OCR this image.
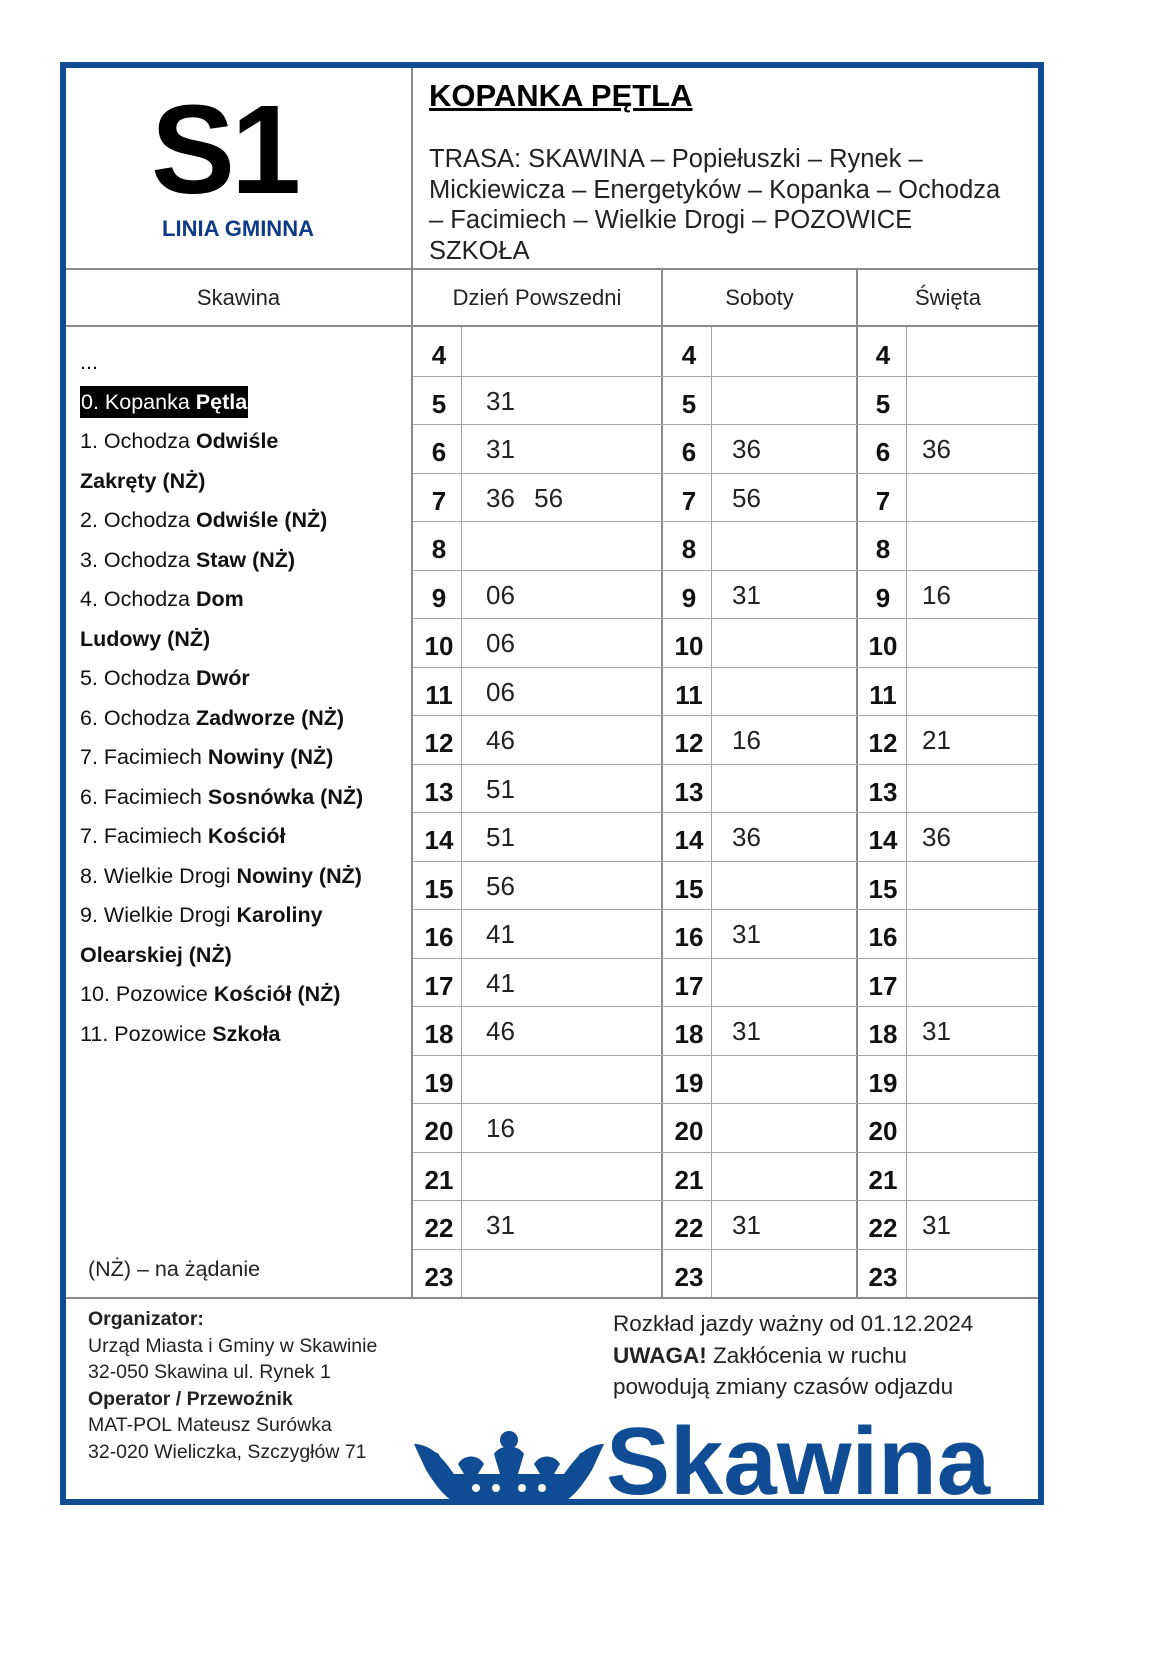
S1
LINIA GMINNA
KOPANKA PĘTLA
TRASA: SKAWINA – Popiełuszki – Rynek – Mickiewicza – Energetyków – Kopanka – Ochodza – Facimiech – Wielkie Drogi – POZOWICE SZKOŁA
Skawina	Dzień Powszedni	Soboty	Święta
...
0. Kopanka Pętla
1. Ochodza Odwiśle
Zakręty (NŻ)
2. Ochodza Odwiśle (NŻ)
3. Ochodza Staw (NŻ)
4. Ochodza Dom
Ludowy (NŻ)
5. Ochodza Dwór
6. Ochodza Zadworze (NŻ)
7. Facimiech Nowiny (NŻ)
6. Facimiech Sosnówka (NŻ)
7. Facimiech Kościół
8. Wielkie Drogi Nowiny (NŻ)
9. Wielkie Drogi Karoliny
Olearskiej (NŻ)
10. Pozowice Kościół (NŻ)
11. Pozowice Szkoła
(NŻ) – na żądanie
4	4	4
5	31	5	5
6	31	6	36	6	36
7	36 56	7	56	7
8	8	8
9	06	9	31	9	16
10	06	10	10
11	06	11	11
12	46	12	16	12 21
13	51	13	13
14	51	14	36	14 36
15	56	15	15
16	41	16	31	16
17	41	17	17
18	46	18	31	18 31
19	19	19
20	16	20	20
21	21	21
22	31	22	31	22 31
23	23	23
Organizator:
Urząd Miasta i Gminy w Skawinie
32-050 Skawina ul. Rynek 1
Operator / Przewoźnik
MAT-POL Mateusz Surówka
32-020 Wieliczka, Szczygłów 71
Rozkład jazdy ważny od 01.12.2024
UWAGA! Zakłócenia w ruchu powodują zmiany czasów odjazdu
Skawina
